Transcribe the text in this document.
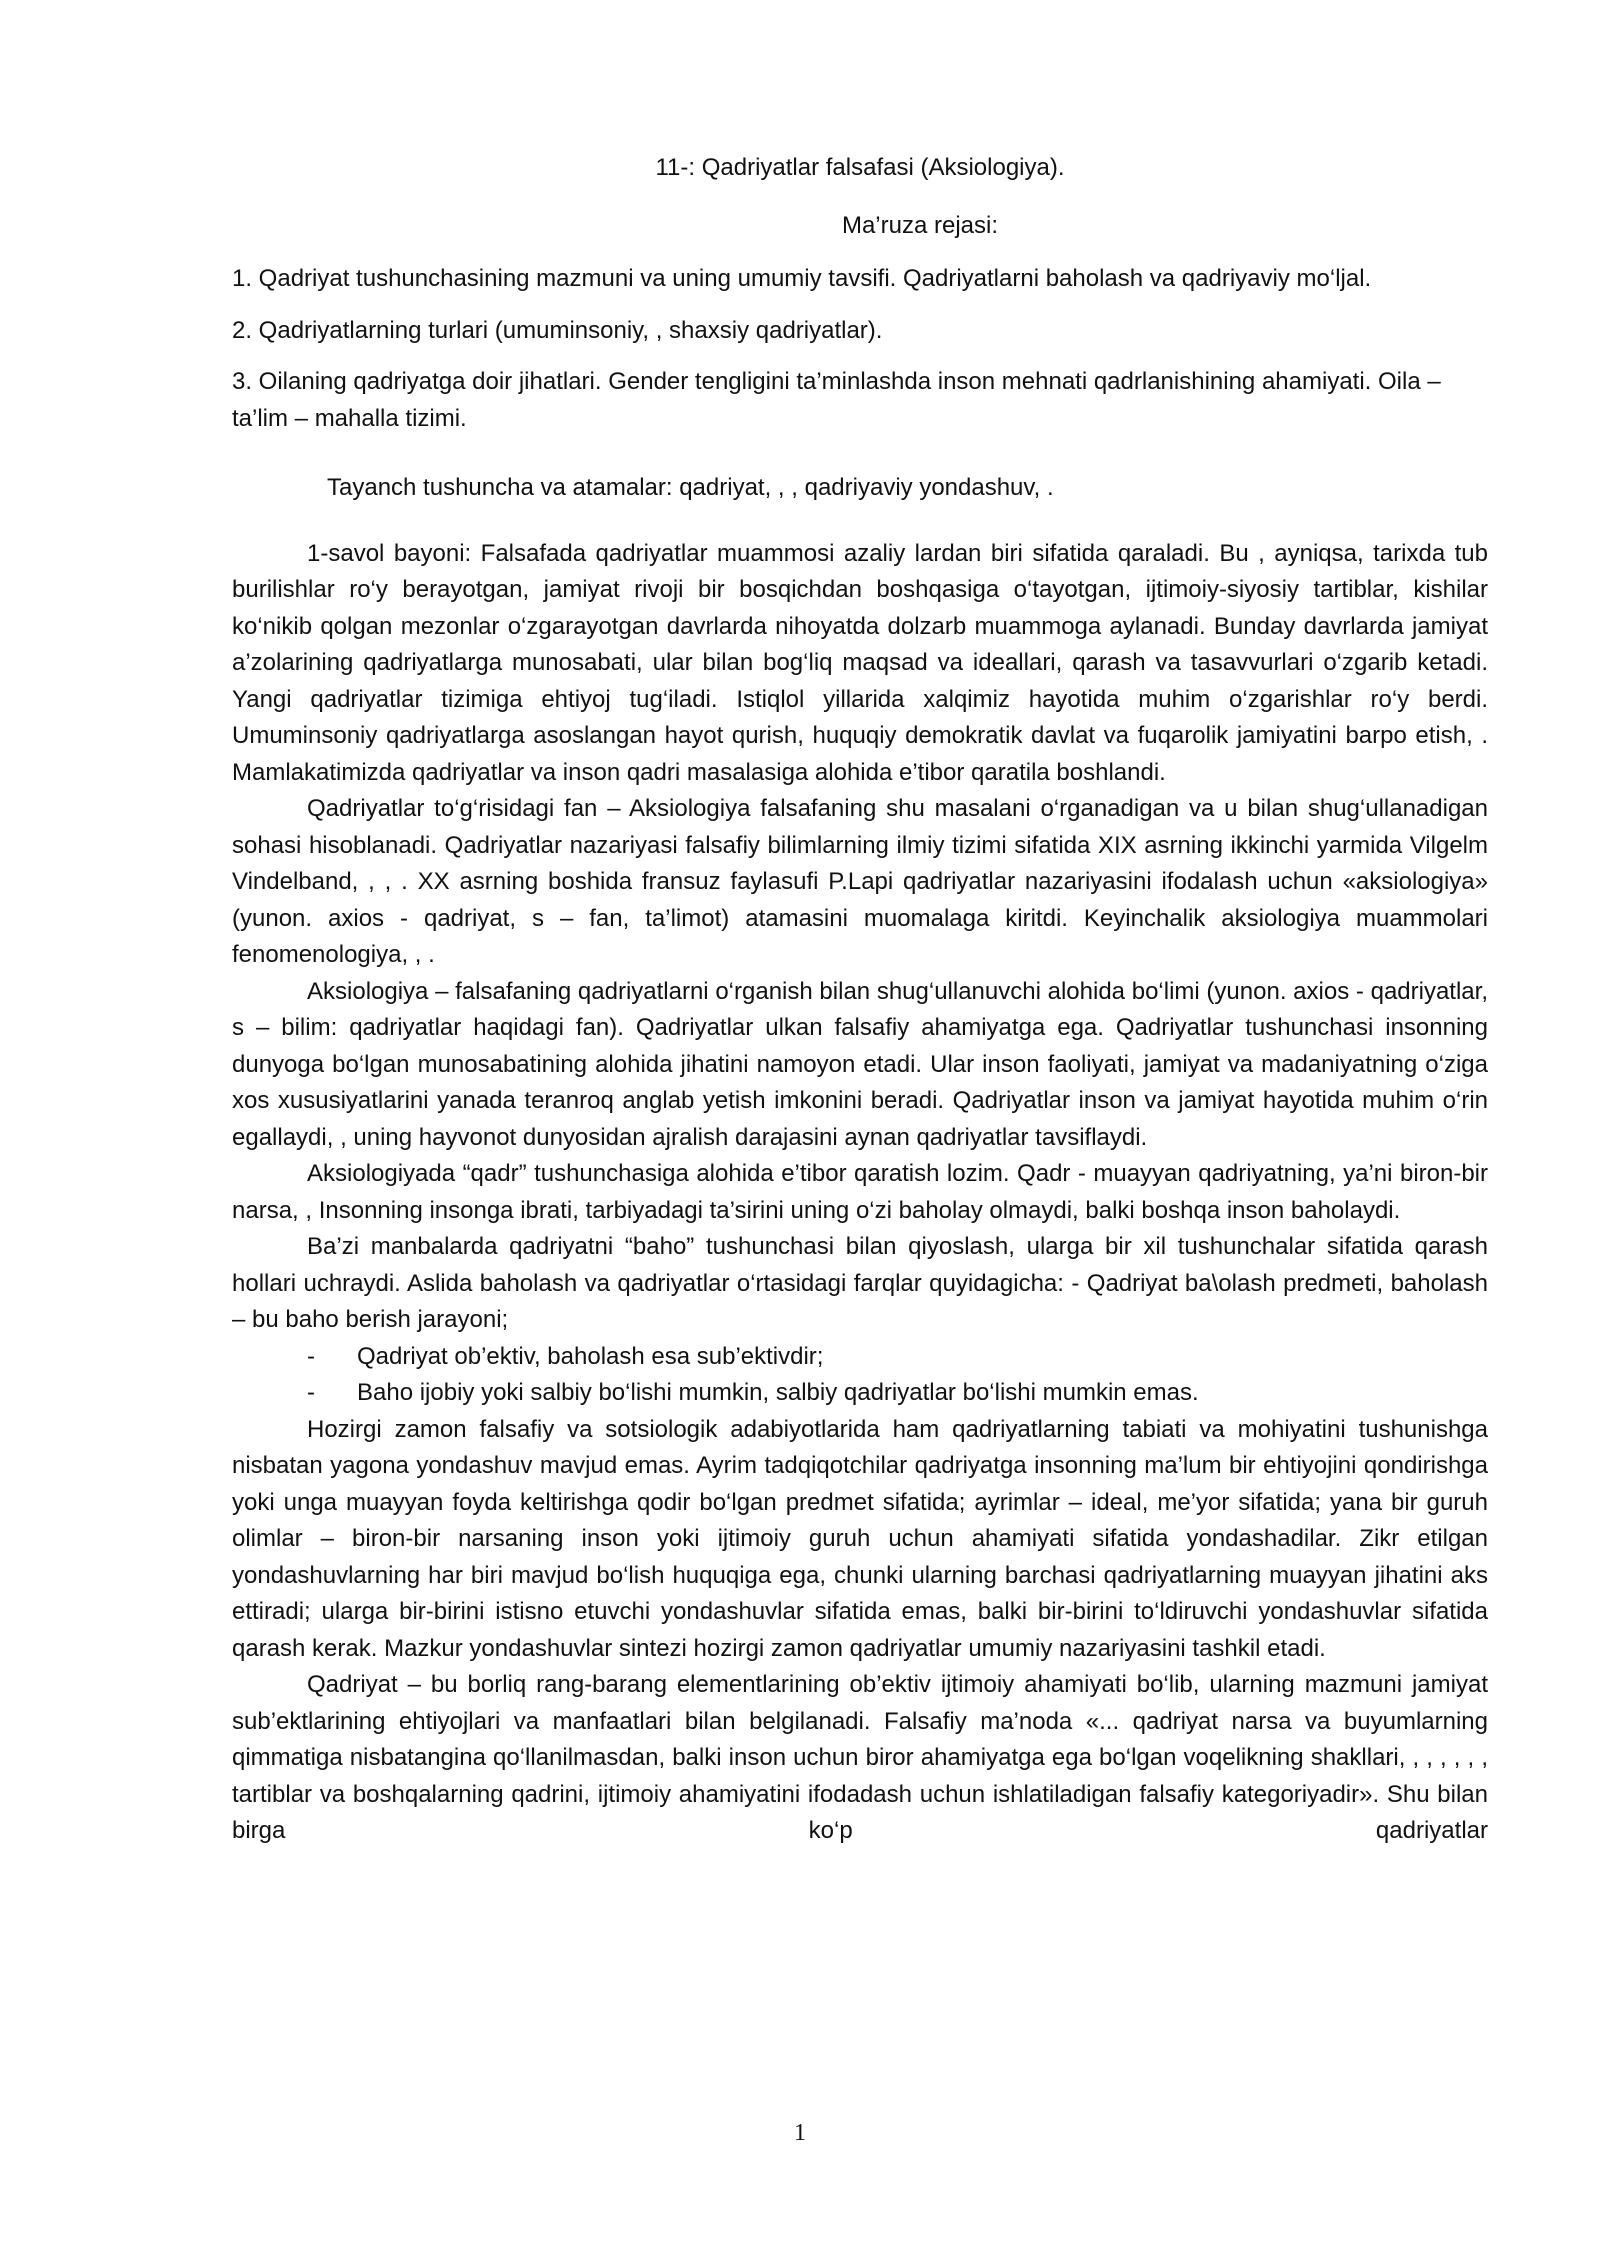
11-: Qadriyatlar falsafasi (Aksiologiya).

Ma’ruza rejasi:

1. Qadriyat tushunchasining mazmuni va uning umumiy tavsifi. Qadriyatlarni baholash va qadriyaviy mo‘ljal.

2. Qadriyatlarning turlari (umuminsoniy, , shaxsiy qadriyatlar).

3. Oilaning qadriyatga doir jihatlari. Gender tengligini ta’minlashda inson mehnati qadrlanishining ahamiyati. Oila – ta’lim – mahalla tizimi.

Tayanch tushuncha va atamalar: qadriyat, , , qadriyaviy yondashuv, .

1-savol bayoni: Falsafada qadriyatlar muammosi azaliy lardan biri sifatida qaraladi. Bu , ayniqsa, tarixda tub burilishlar ro‘y berayotgan, jamiyat rivoji bir bosqichdan boshqasiga o‘tayotgan, ijtimoiy-siyosiy tartiblar, kishilar ko‘nikib qolgan mezonlar o‘zgarayotgan davrlarda nihoyatda dolzarb muammoga aylanadi. Bunday davrlarda jamiyat a’zolarining qadriyatlarga munosabati, ular bilan bog‘liq maqsad va ideallari, qarash va tasavvurlari o‘zgarib ketadi. Yangi qadriyatlar tizimiga ehtiyoj tug‘iladi. Istiqlol yillarida xalqimiz hayotida muhim o‘zgarishlar ro‘y berdi. Umuminsoniy qadriyatlarga asoslangan hayot qurish, huquqiy demokratik davlat va fuqarolik jamiyatini barpo etish, . Mamlakatimizda qadriyatlar va inson qadri masalasiga alohida e’tibor qaratila boshlandi.

Qadriyatlar to‘g‘risidagi fan – Aksiologiya falsafaning shu masalani o‘rganadigan va u bilan shug‘ullanadigan sohasi hisoblanadi. Qadriyatlar nazariyasi falsafiy bilimlarning ilmiy tizimi sifatida XIX asrning ikkinchi yarmida Vilgelm Vindelband, , , . XX asrning boshida fransuz faylasufi P.Lapi qadriyatlar nazariyasini ifodalash uchun «aksiologiya» (yunon. axios - qadriyat, s – fan, ta’limot) atamasini muomalaga kiritdi. Keyinchalik aksiologiya muammolari fenomenologiya, , .

Aksiologiya – falsafaning qadriyatlarni o‘rganish bilan shug‘ullanuvchi alohida bo‘limi (yunon. axios - qadriyatlar, s – bilim: qadriyatlar haqidagi fan). Qadriyatlar ulkan falsafiy ahamiyatga ega. Qadriyatlar tushunchasi insonning dunyoga bo‘lgan munosabatining alohida jihatini namoyon etadi. Ular inson faoliyati, jamiyat va madaniyatning o‘ziga xos xususiyatlarini yanada teranroq anglab yetish imkonini beradi. Qadriyatlar inson va jamiyat hayotida muhim o‘rin egallaydi, , uning hayvonot dunyosidan ajralish darajasini aynan qadriyatlar tavsiflaydi.

Aksiologiyada “qadr” tushunchasiga alohida e’tibor qaratish lozim. Qadr - muayyan qadriyatning, ya’ni biron-bir narsa, , Insonning insonga ibrati, tarbiyadagi ta’sirini uning o‘zi baholay olmaydi, balki boshqa inson baholaydi.

Ba’zi manbalarda qadriyatni “baho” tushunchasi bilan qiyoslash, ularga bir xil tushunchalar sifatida qarash hollari uchraydi. Aslida baholash va qadriyatlar o‘rtasidagi farqlar quyidagicha: - Qadriyat ba\olash predmeti, baholash – bu baho berish jarayoni;

- Qadriyat ob’ektiv, baholash esa sub’ektivdir;

- Baho ijobiy yoki salbiy bo‘lishi mumkin, salbiy qadriyatlar bo‘lishi mumkin emas.

Hozirgi zamon falsafiy va sotsiologik adabiyotlarida ham qadriyatlarning tabiati va mohiyatini tushunishga nisbatan yagona yondashuv mavjud emas. Ayrim tadqiqotchilar qadriyatga insonning ma’lum bir ehtiyojini qondirishga yoki unga muayyan foyda keltirishga qodir bo‘lgan predmet sifatida; ayrimlar – ideal, me’yor sifatida; yana bir guruh olimlar – biron-bir narsaning inson yoki ijtimoiy guruh uchun ahamiyati sifatida yondashadilar. Zikr etilgan yondashuvlarning har biri mavjud bo‘lish huquqiga ega, chunki ularning barchasi qadriyatlarning muayyan jihatini aks ettiradi; ularga bir-birini istisno etuvchi yondashuvlar sifatida emas, balki bir-birini to‘ldiruvchi yondashuvlar sifatida qarash kerak. Mazkur yondashuvlar sintezi hozirgi zamon qadriyatlar umumiy nazariyasini tashkil etadi.

Qadriyat – bu borliq rang-barang elementlarining ob’ektiv ijtimoiy ahamiyati bo‘lib, ularning mazmuni jamiyat sub’ektlarining ehtiyojlari va manfaatlari bilan belgilanadi. Falsafiy ma’noda «... qadriyat narsa va buyumlarning qimmatiga nisbatangina qo‘llanilmasdan, balki inson uchun biror ahamiyatga ega bo‘lgan voqelikning shakllari, , , , , , , tartiblar va boshqalarning qadrini, ijtimoiy ahamiyatini ifodadash uchun ishlatiladigan falsafiy kategoriyadir». Shu bilan birga ko‘p qadriyatlar

1
